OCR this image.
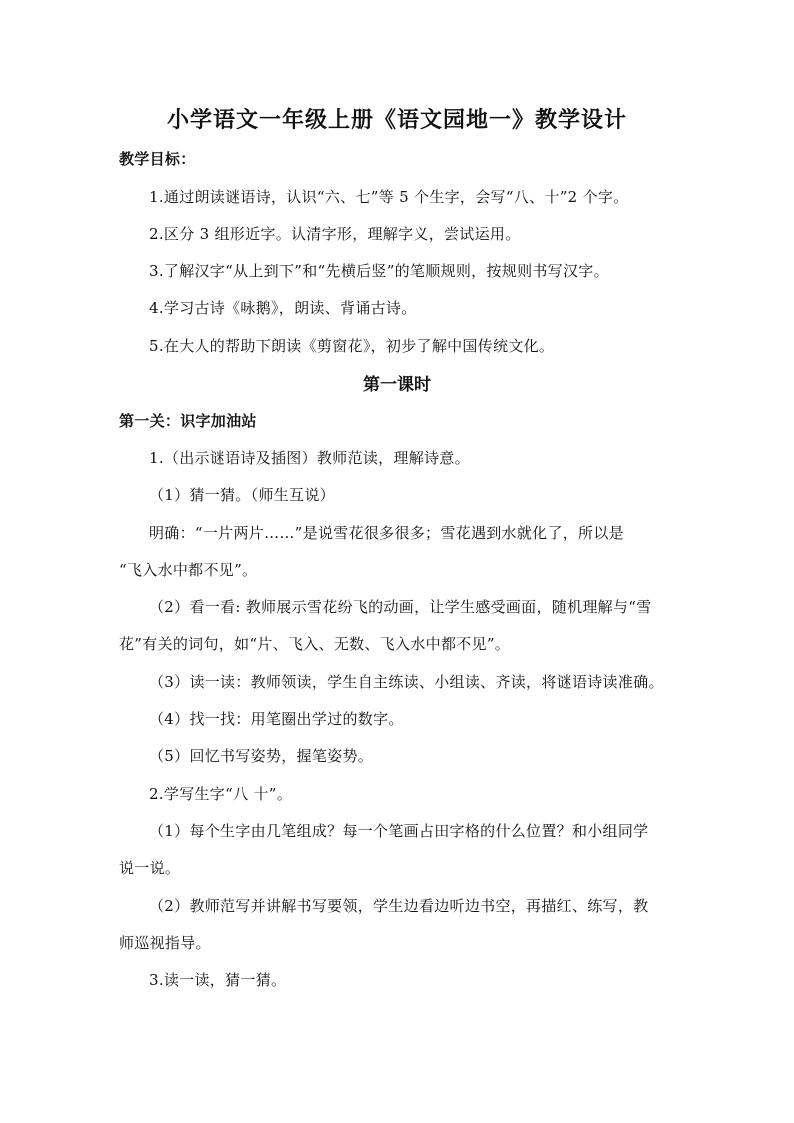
小学语文一年级上册《语文园地一》教学设计
教学目标：
1.通过朗读谜语诗，认识“六、七”等 5 个生字，会写“八、十”2 个字。
2.区分 3 组形近字。认清字形，理解字义，尝试运用。
3.了解汉字“从上到下”和“先横后竖”的笔顺规则，按规则书写汉字。
4.学习古诗《咏鹅》，朗读、背诵古诗。
5.在大人的帮助下朗读《剪窗花》，初步了解中国传统文化。
第一课时
第一关：识字加油站
1.（出示谜语诗及插图）教师范读，理解诗意。
（1）猜一猜。（师生互说）
明确：“一片两片……”是说雪花很多很多；雪花遇到水就化了，所以是
“飞入水中都不见”。
（2）看一看: 教师展示雪花纷飞的动画，让学生感受画面，随机理解与“雪
花”有关的词句，如“片、飞入、无数、飞入水中都不见”。
（3）读一读：教师领读，学生自主练读、小组读、齐读，将谜语诗读准确。
（4）找一找：用笔圈出学过的数字。
（5）回忆书写姿势，握笔姿势。
2.学写生字“八 十”。
（1）每个生字由几笔组成？每一个笔画占田字格的什么位置？和小组同学
说一说。
（2）教师范写并讲解书写要领，学生边看边听边书空，再描红、练写，教
师巡视指导。
3.读一读，猜一猜。
